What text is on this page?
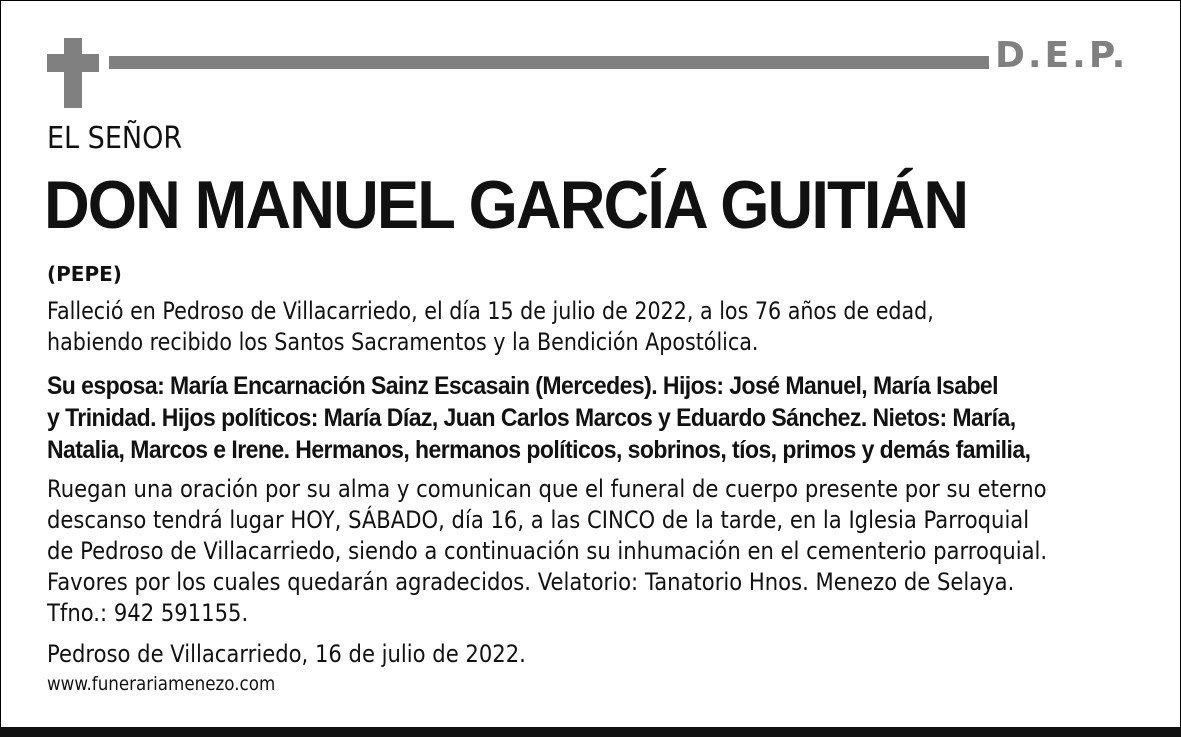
D.E.P.
EL SEÑOR
DON MANUEL GARCÍA GUITIÁN
(PEPE)
Falleció en Pedroso de Villacarriedo, el día 15 de julio de 2022, a los 76 años de edad,
habiendo recibido los Santos Sacramentos y la Bendición Apostólica.
Su esposa: María Encarnación Sainz Escasain (Mercedes). Hijos: José Manuel, María Isabel
y Trinidad. Hijos políticos: María Díaz, Juan Carlos Marcos y Eduardo Sánchez. Nietos: María,
Natalia, Marcos e Irene. Hermanos, hermanos políticos, sobrinos, tíos, primos y demás familia,
Ruegan una oración por su alma y comunican que el funeral de cuerpo presente por su eterno
descanso tendrá lugar HOY, SÁBADO, día 16, a las CINCO de la tarde, en la Iglesia Parroquial
de Pedroso de Villacarriedo, siendo a continuación su inhumación en el cementerio parroquial.
Favores por los cuales quedarán agradecidos. Velatorio: Tanatorio Hnos. Menezo de Selaya.
Tfno.: 942 591155.
Pedroso de Villacarriedo, 16 de julio de 2022.
www.funerariamenezo.com
